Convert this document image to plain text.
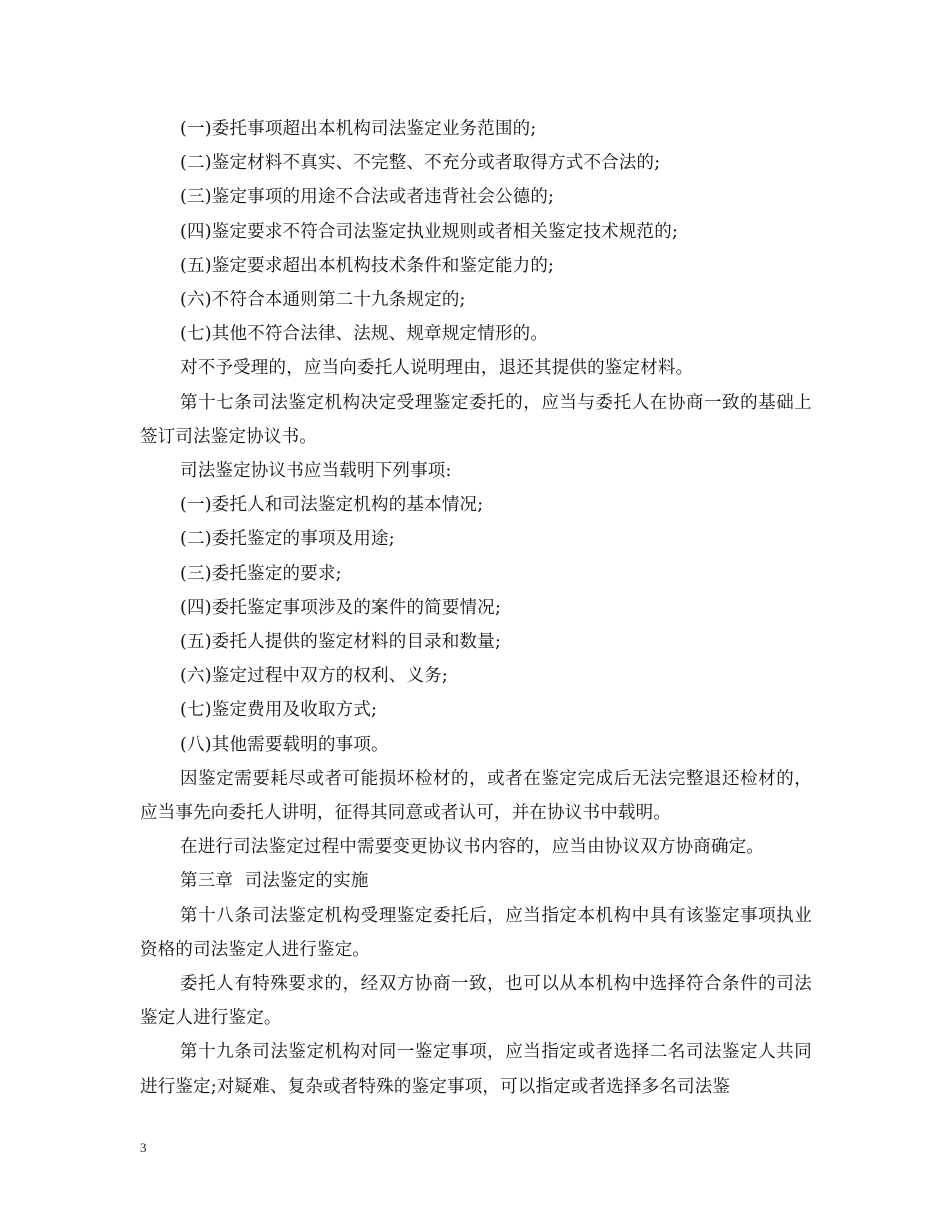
(一)委托事项超出本机构司法鉴定业务范围的;

(二)鉴定材料不真实、不完整、不充分或者取得方式不合法的;

(三)鉴定事项的用途不合法或者违背社会公德的;

(四)鉴定要求不符合司法鉴定执业规则或者相关鉴定技术规范的;

(五)鉴定要求超出本机构技术条件和鉴定能力的;

(六)不符合本通则第二十九条规定的;

(七)其他不符合法律、法规、规章规定情形的。

对不予受理的，应当向委托人说明理由，退还其提供的鉴定材料。

第十七条司法鉴定机构决定受理鉴定委托的，应当与委托人在协商一致的基础上签订司法鉴定协议书。

司法鉴定协议书应当载明下列事项:

(一)委托人和司法鉴定机构的基本情况;

(二)委托鉴定的事项及用途;

(三)委托鉴定的要求;

(四)委托鉴定事项涉及的案件的简要情况;

(五)委托人提供的鉴定材料的目录和数量;

(六)鉴定过程中双方的权利、义务;

(七)鉴定费用及收取方式;

(八)其他需要载明的事项。

因鉴定需要耗尽或者可能损坏检材的，或者在鉴定完成后无法完整退还检材的，应当事先向委托人讲明，征得其同意或者认可，并在协议书中载明。

在进行司法鉴定过程中需要变更协议书内容的，应当由协议双方协商确定。

第三章  司法鉴定的实施

第十八条司法鉴定机构受理鉴定委托后，应当指定本机构中具有该鉴定事项执业资格的司法鉴定人进行鉴定。

委托人有特殊要求的，经双方协商一致，也可以从本机构中选择符合条件的司法鉴定人进行鉴定。

第十九条司法鉴定机构对同一鉴定事项，应当指定或者选择二名司法鉴定人共同进行鉴定;对疑难、复杂或者特殊的鉴定事项，可以指定或者选择多名司法鉴

3
